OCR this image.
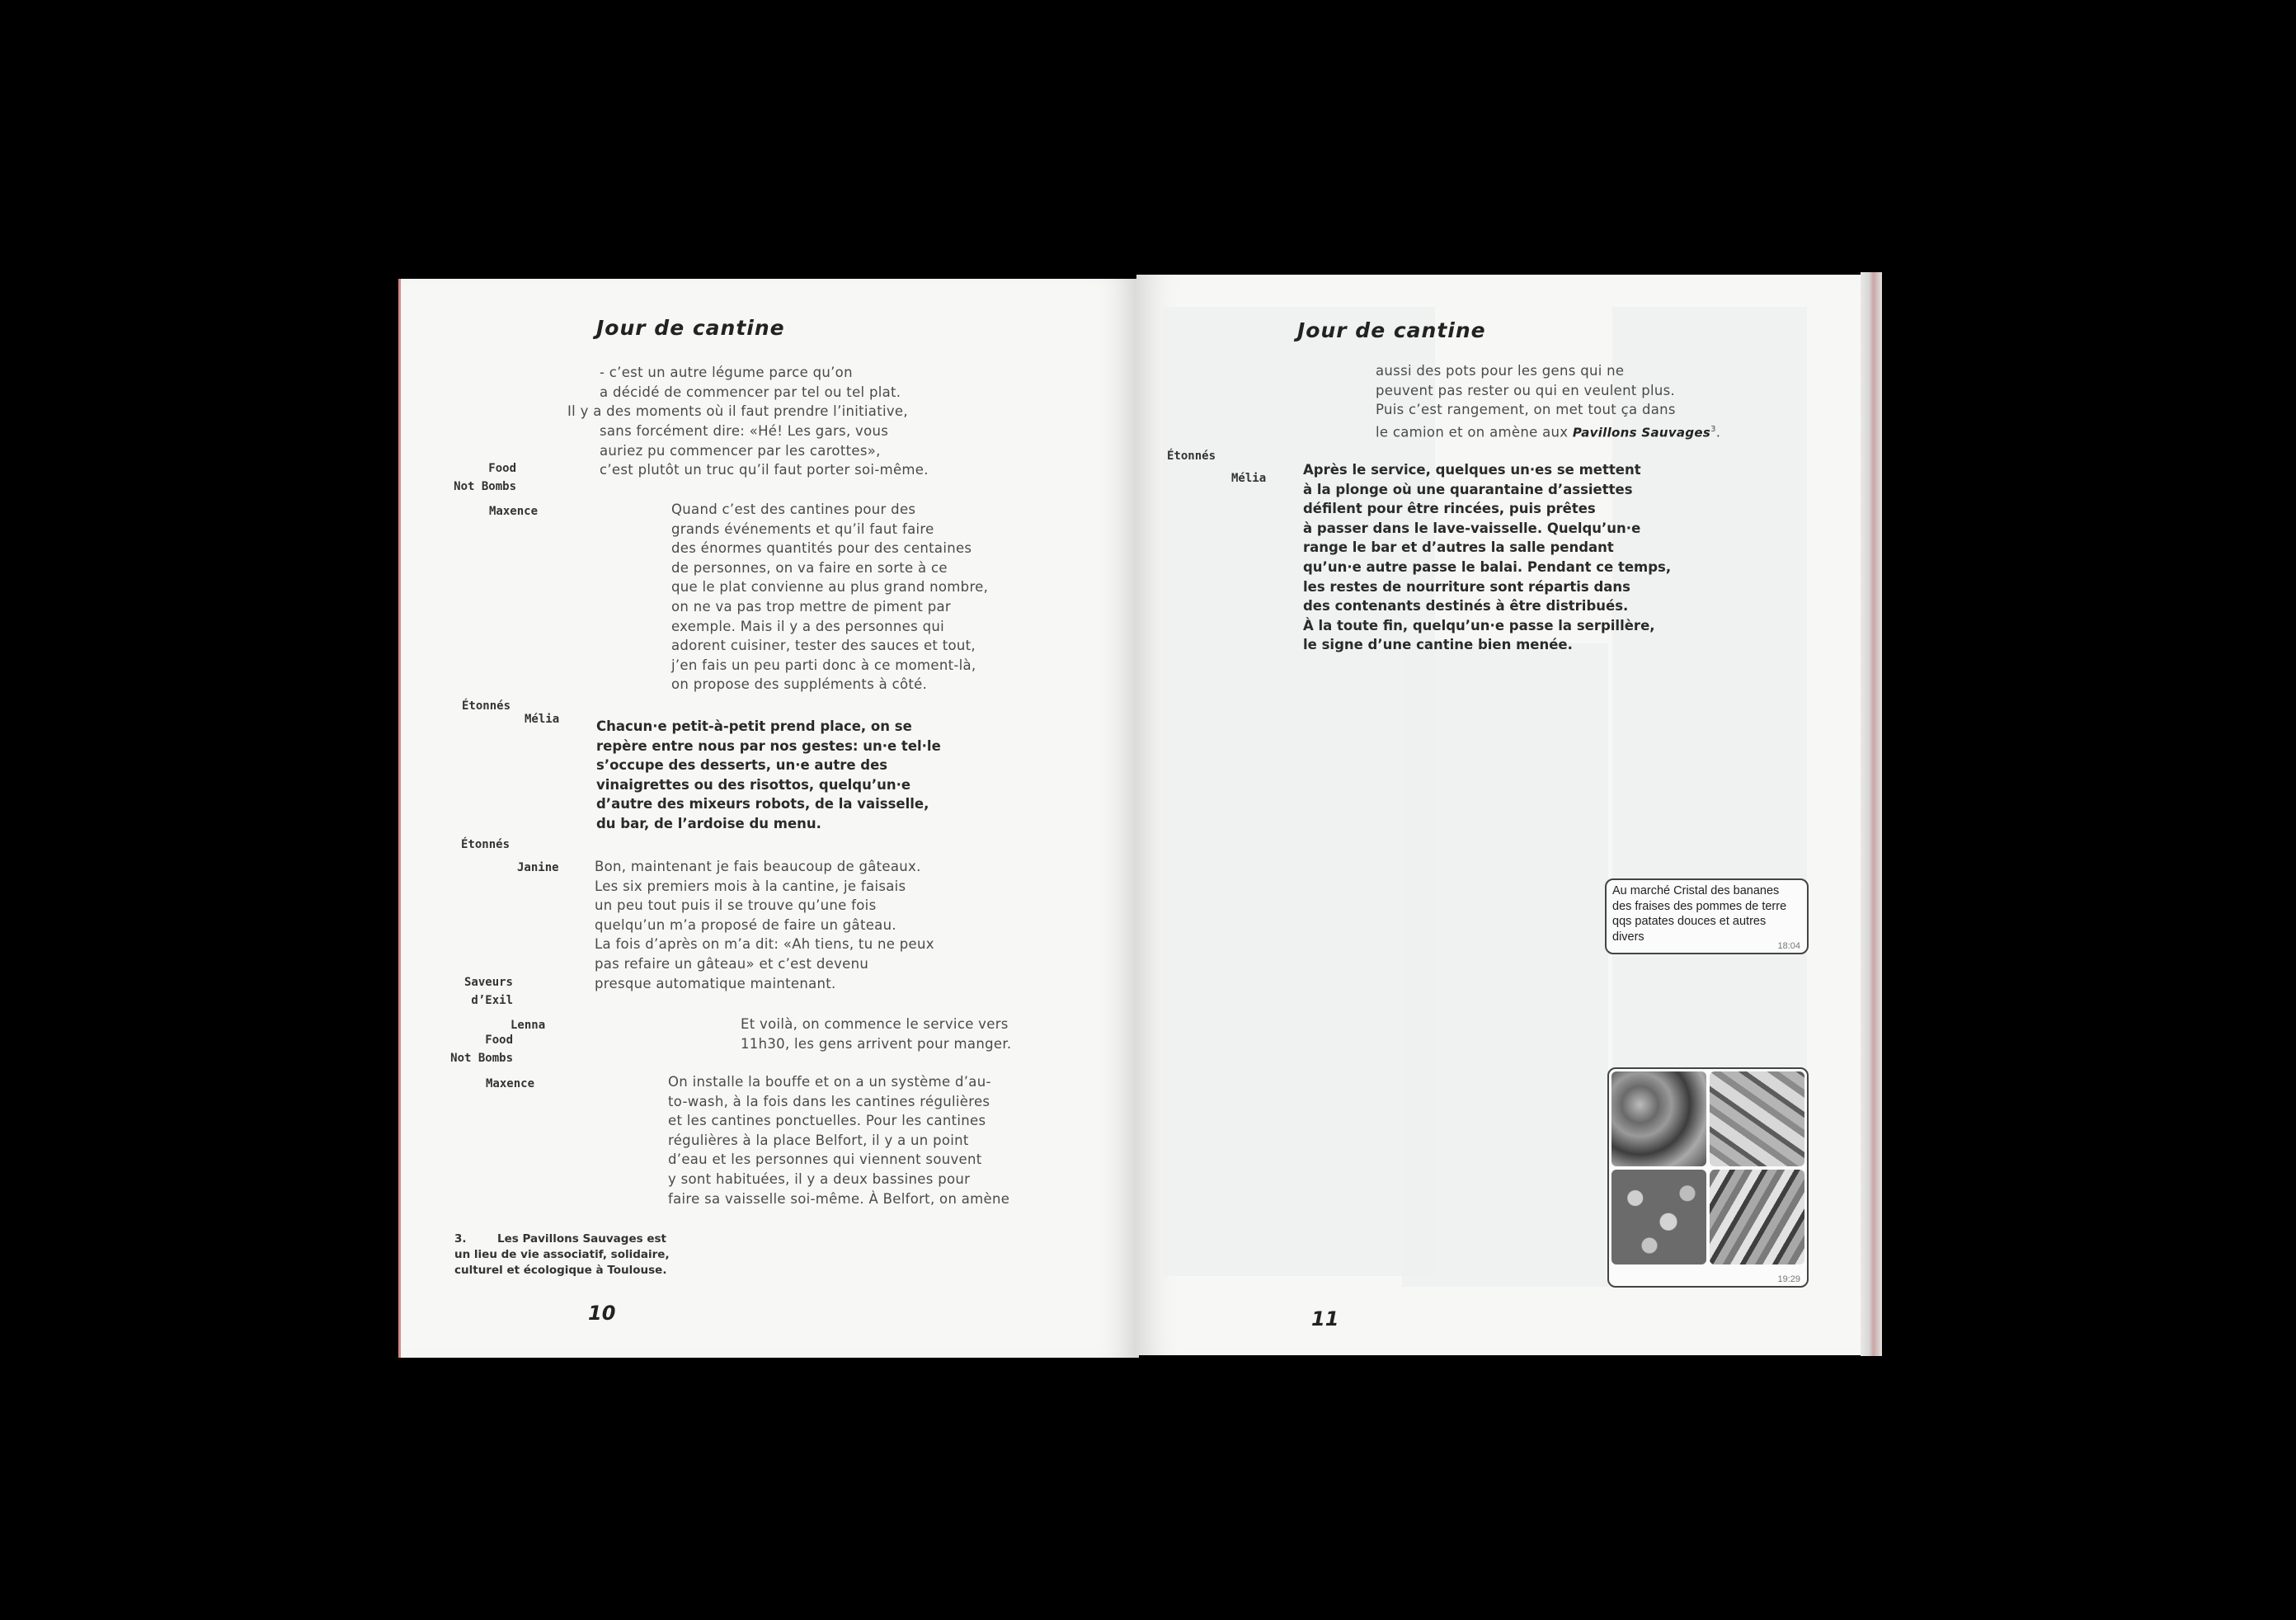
Jour de cantine
- c’est un autre légume parce qu’on
a décidé de commencer par tel ou tel plat.
Il y a des moments où il faut prendre l’initiative,
sans forcément dire: «Hé! Les gars, vous
auriez pu commencer par les carottes»,
c’est plutôt un truc qu’il faut porter soi-même.
Food
Not Bombs
Maxence	Quand c’est des cantines pour des
grands événements et qu’il faut faire
des énormes quantités pour des centaines
de personnes, on va faire en sorte à ce
que le plat convienne au plus grand nombre,
on ne va pas trop mettre de piment par
exemple. Mais il y a des personnes qui
adorent cuisiner, tester des sauces et tout,
j’en fais un peu parti donc à ce moment-là,
on propose des suppléments à côté.
Étonnés
Mélia	Chacun·e petit-à-petit prend place, on se
repère entre nous par nos gestes: un·e tel·le
s’occupe des desserts, un·e autre des
vinaigrettes ou des risottos, quelqu’un·e
d’autre des mixeurs robots, de la vaisselle,
du bar, de l’ardoise du menu.
Étonnés
Janine	Bon, maintenant je fais beaucoup de gâteaux.
Les six premiers mois à la cantine, je faisais
un peu tout puis il se trouve qu’une fois
quelqu’un m’a proposé de faire un gâteau.
La fois d’après on m’a dit: «Ah tiens, tu ne peux
pas refaire un gâteau» et c’est devenu
presque automatique maintenant.
Saveurs
d’Exil
Lenna	Et voilà, on commence le service vers
11h30, les gens arrivent pour manger.
Food
Not Bombs
Maxence	On installe la bouffe et on a un système d’au-
to-wash, à la fois dans les cantines régulières
et les cantines ponctuelles. Pour les cantines
régulières à la place Belfort, il y a un point
d’eau et les personnes qui viennent souvent
y sont habituées, il y a deux bassines pour
faire sa vaisselle soi-même. À Belfort, on amène
3.	Les Pavillons Sauvages est
un lieu de vie associatif, solidaire,
culturel et écologique à Toulouse.
10
Jour de cantine
aussi des pots pour les gens qui ne
peuvent pas rester ou qui en veulent plus.
Puis c’est rangement, on met tout ça dans
le camion et on amène aux Pavillons Sauvages$^3$.
Étonnés
Mélia
Après le service, quelques un·es se mettent
à la plonge où une quarantaine d’assiettes
défilent pour être rincées, puis prêtes
à passer dans le lave-vaisselle. Quelqu’un·e
range le bar et d’autres la salle pendant
qu’un·e autre passe le balai. Pendant ce temps,
les restes de nourriture sont répartis dans
des contenants destinés à être distribués.
À la toute fin, quelqu’un·e passe la serpillère,
le signe d’une cantine bien menée.
Au marché Cristal des bananes
des fraises des pommes de terre
qqs patates douces et autres
divers
18:04
19:29
11
